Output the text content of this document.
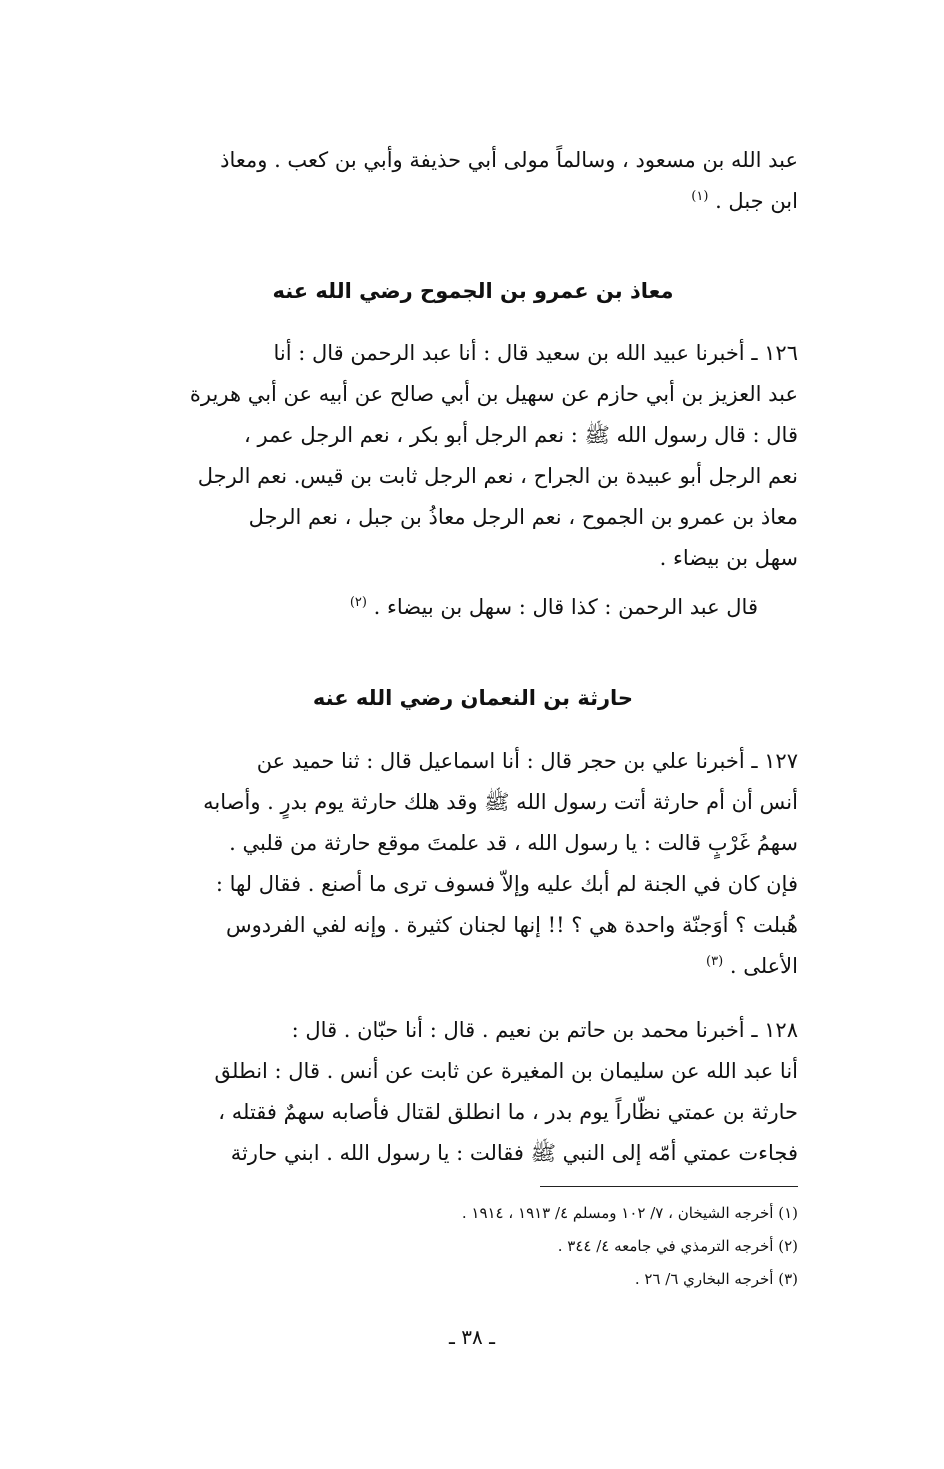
عبد الله بن مسعود ، وسالماً مولى أبي حذيفة وأبي بن كعب . ومعاذ
ابن جبل . $^{(١)}$
معاذ بن عمرو بن الجموح رضي الله عنه
١٢٦ ـ أخبرنا عبيد الله بن سعيد قال : أنا عبد الرحمن قال : أنا
عبد العزيز بن أبي حازم عن سهيل بن أبي صالح عن أبيه عن أبي هريرة
قال : قال رسول الله ﷺ : نعم الرجل أبو بكر ، نعم الرجل عمر ،
نعم الرجل أبو عبيدة بن الجراح ، نعم الرجل ثابت بن قيس. نعم الرجل
معاذ بن عمرو بن الجموح ، نعم الرجل معاذُ بن جبل ، نعم الرجل
سهل بن بيضاء .
قال عبد الرحمن : كذا قال : سهل بن بيضاء . $^{(٢)}$
حارثة بن النعمان رضي الله عنه
١٢٧ ـ أخبرنا علي بن حجر قال : أنا اسماعيل قال : ثنا حميد عن
أنس أن أم حارثة أتت رسول الله ﷺ وقد هلك حارثة يوم بدرٍ . وأصابه
سهمُ غَرْبٍ قالت : يا رسول الله ، قد علمتَ موقع حارثة من قلبي .
فإن كان في الجنة لم أبك عليه وإلاّ فسوف ترى ما أصنع . فقال لها :
هُبلت ؟ أوَجنّة واحدة هي ؟ !! إنها لجنان كثيرة . وإنه لفي الفردوس
الأعلى . $^{(٣)}$
١٢٨ ـ أخبرنا محمد بن حاتم بن نعيم . قال : أنا حبّان . قال :
أنا عبد الله عن سليمان بن المغيرة عن ثابت عن أنس . قال : انطلق
حارثة بن عمتي نظّاراً يوم بدر ، ما انطلق لقتال فأصابه سهمٌ فقتله ،
فجاءت عمتي أمّه إلى النبي ﷺ فقالت : يا رسول الله . ابني حارثة
(١) أخرجه الشيخان ، ٧/ ١٠٢ ومسلم ٤/ ١٩١٣ ، ١٩١٤ .
(٢) أخرجه الترمذي في جامعه ٤/ ٣٤٤ .
(٣) أخرجه البخاري ٦/ ٢٦ .
ـ ٣٨ ـ
